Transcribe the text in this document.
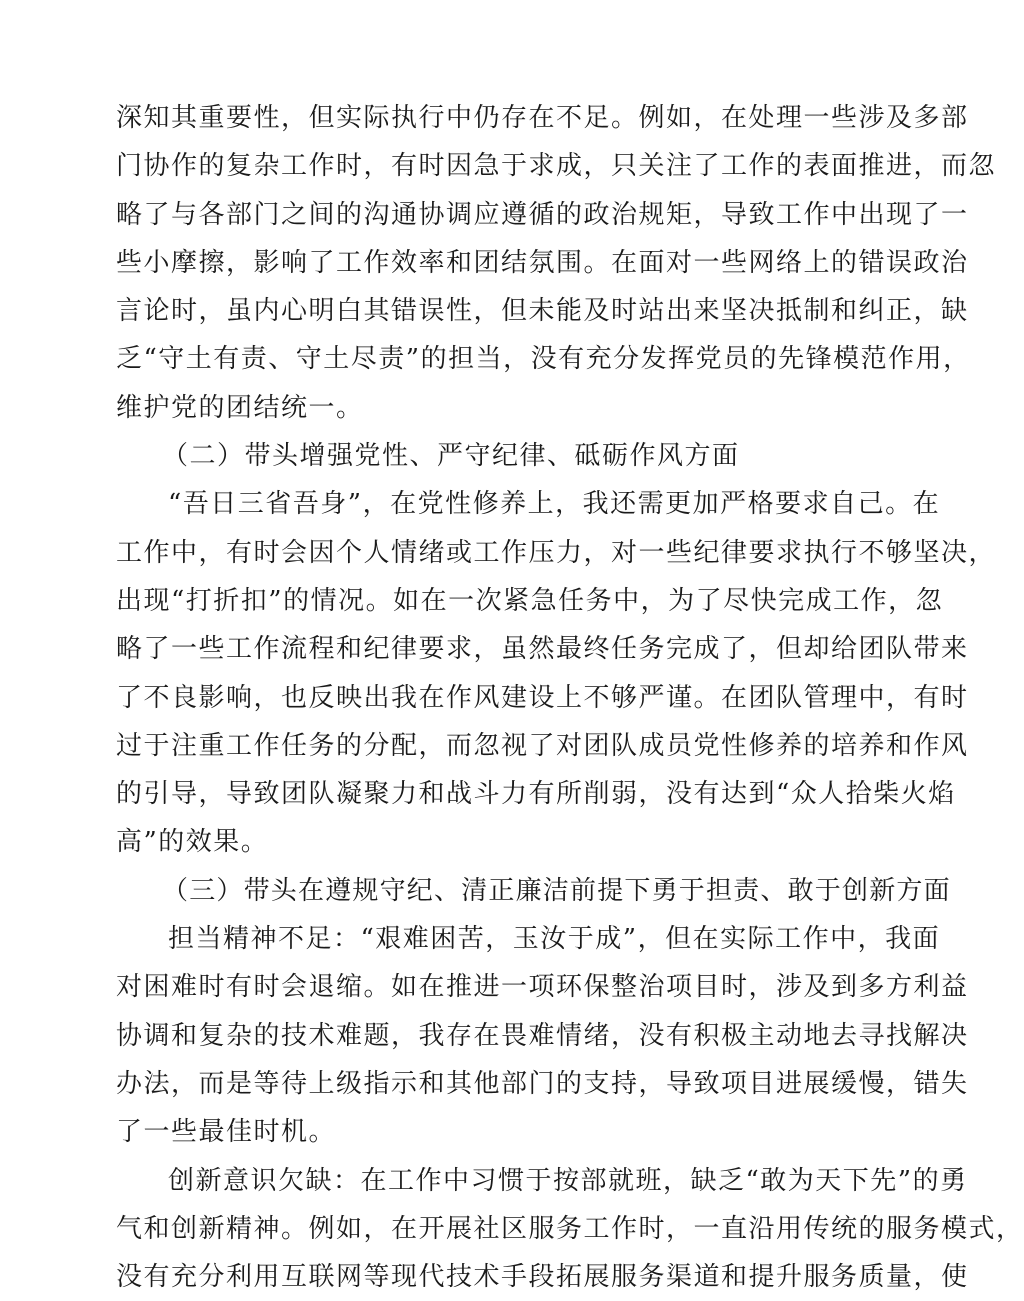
深知其重要性，但实际执行中仍存在不足。例如，在处理一些涉及多部
门协作的复杂工作时，有时因急于求成，只关注了工作的表面推进，而忽
略了与各部门之间的沟通协调应遵循的政治规矩，导致工作中出现了一
些小摩擦，影响了工作效率和团结氛围。在面对一些网络上的错误政治
言论时，虽内心明白其错误性，但未能及时站出来坚决抵制和纠正，缺
乏“守土有责、守土尽责”的担当，没有充分发挥党员的先锋模范作用，
维护党的团结统一。
（二）带头增强党性、严守纪律、砥砺作风方面
“吾日三省吾身”，在党性修养上，我还需更加严格要求自己。在
工作中，有时会因个人情绪或工作压力，对一些纪律要求执行不够坚决，
出现“打折扣”的情况。如在一次紧急任务中，为了尽快完成工作，忽
略了一些工作流程和纪律要求，虽然最终任务完成了，但却给团队带来
了不良影响，也反映出我在作风建设上不够严谨。在团队管理中，有时
过于注重工作任务的分配，而忽视了对团队成员党性修养的培养和作风
的引导，导致团队凝聚力和战斗力有所削弱，没有达到“众人拾柴火焰
高”的效果。
（三）带头在遵规守纪、清正廉洁前提下勇于担责、敢于创新方面
担当精神不足：“艰难困苦，玉汝于成”，但在实际工作中，我面
对困难时有时会退缩。如在推进一项环保整治项目时，涉及到多方利益
协调和复杂的技术难题，我存在畏难情绪，没有积极主动地去寻找解决
办法，而是等待上级指示和其他部门的支持，导致项目进展缓慢，错失
了一些最佳时机。
创新意识欠缺：在工作中习惯于按部就班，缺乏“敢为天下先”的勇
气和创新精神。例如，在开展社区服务工作时，一直沿用传统的服务模式，
没有充分利用互联网等现代技术手段拓展服务渠道和提升服务质量，使
